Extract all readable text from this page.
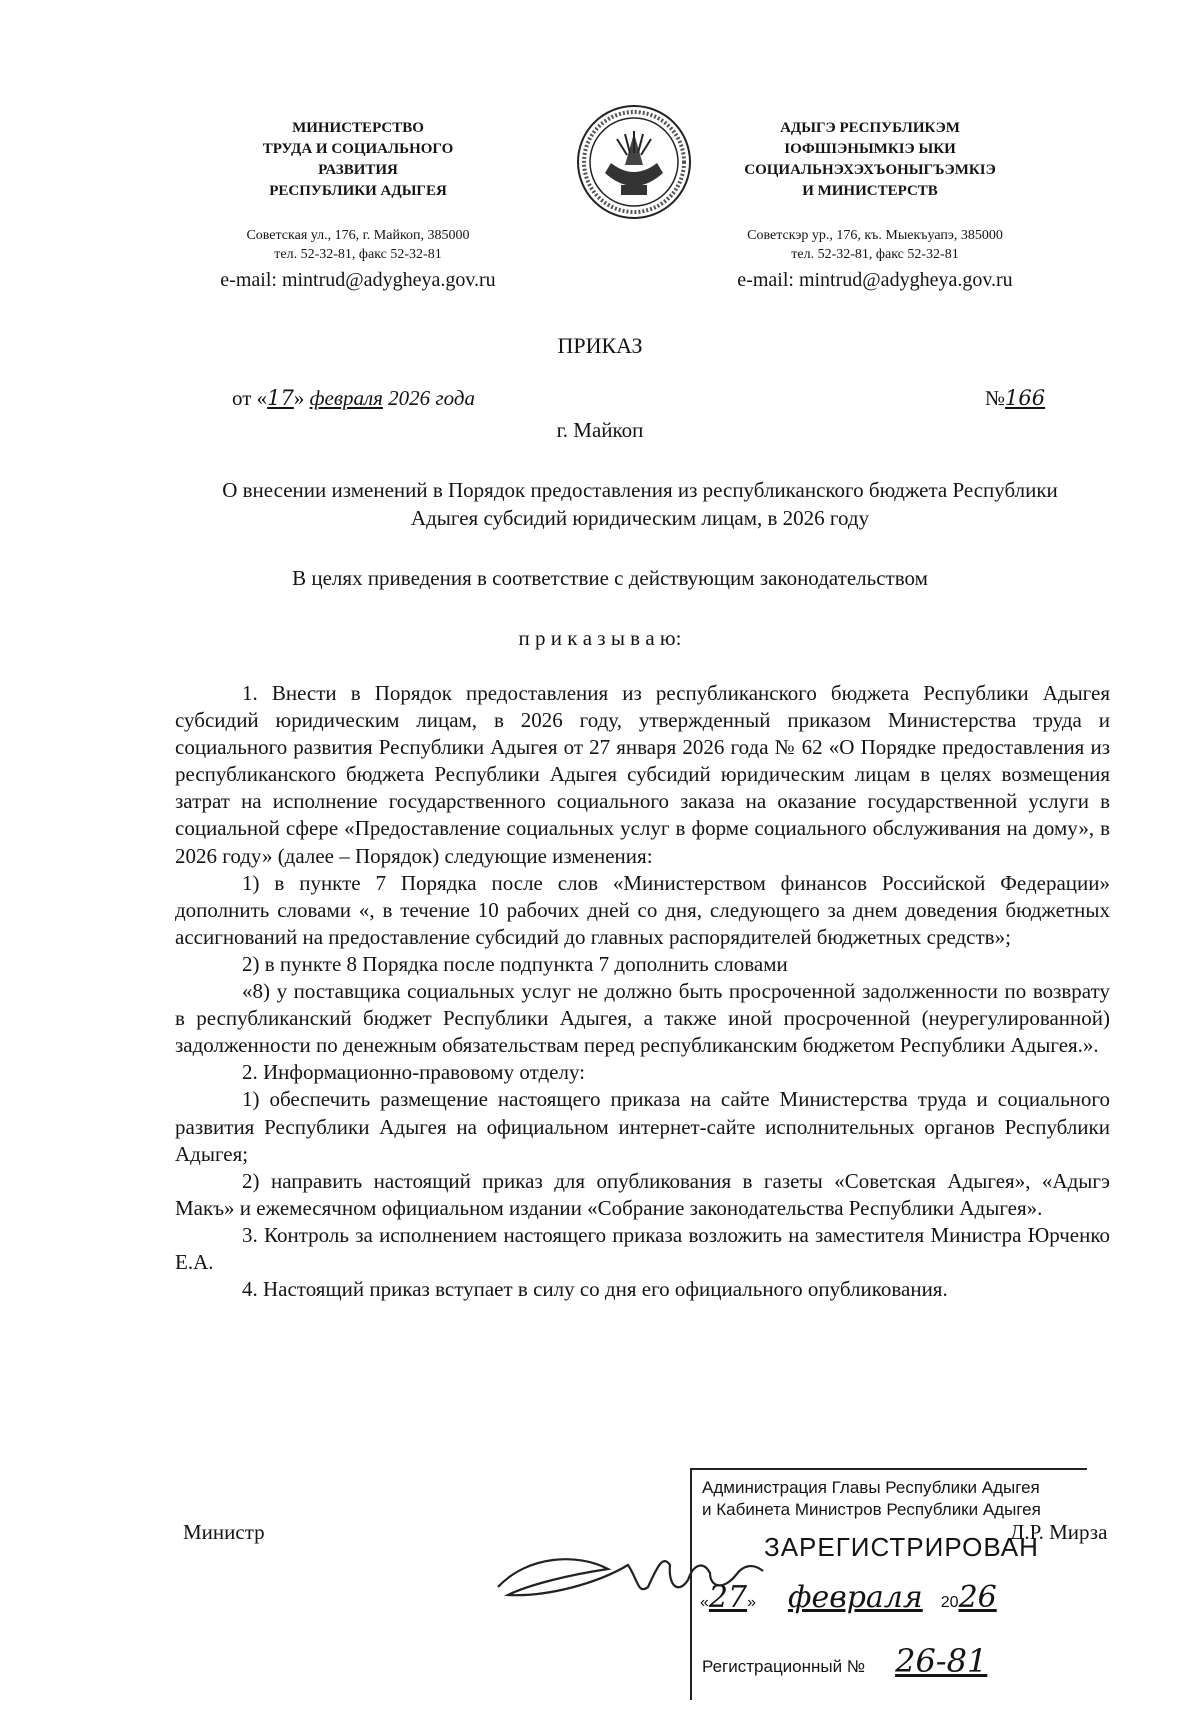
МИНИСТЕРСТВО
ТРУДА И СОЦИАЛЬНОГО
РАЗВИТИЯ
РЕСПУБЛИКИ АДЫГЕЯ
Советская ул., 176, г. Майкоп, 385000
тел. 52-32-81, факс 52-32-81
e-mail: mintrud@adygheya.gov.ru
АДЫГЭ РЕСПУБЛИКЭМ
ІОФШІЭНЫМКІЭ ЫКИ
СОЦИАЛЬНЭХЭХЪОНЫГЪЭМКІЭ
И МИНИСТЕРСТВ
Советскэр ур., 176, къ. Мыекъуапэ, 385000
тел. 52-32-81, факс 52-32-81
e-mail: mintrud@adygheya.gov.ru
ПРИКАЗ
от «17» февраля 2026 года	№166
г. Майкоп
О внесении изменений в Порядок предоставления из республиканского бюджета Республики Адыгея субсидий юридическим лицам, в 2026 году
В целях приведения в соответствие с действующим законодательством
п р и к а з ы в а ю:
1. Внести в Порядок предоставления из республиканского бюджета Республики Адыгея субсидий юридическим лицам, в 2026 году, утвержденный приказом Министерства труда и социального развития Республики Адыгея от 27 января 2026 года № 62 «О Порядке предоставления из республиканского бюджета Республики Адыгея субсидий юридическим лицам в целях возмещения затрат на исполнение государственного социального заказа на оказание государственной услуги в социальной сфере «Предоставление социальных услуг в форме социального обслуживания на дому», в 2026 году» (далее – Порядок) следующие изменения:
1) в пункте 7 Порядка после слов «Министерством финансов Российской Федерации» дополнить словами «, в течение 10 рабочих дней со дня, следующего за днем доведения бюджетных ассигнований на предоставление субсидий до главных распорядителей бюджетных средств»;
2) в пункте 8 Порядка после подпункта 7 дополнить словами
«8) у поставщика социальных услуг не должно быть просроченной задолженности по возврату в республиканский бюджет Республики Адыгея, а также иной просроченной (неурегулированной) задолженности по денежным обязательствам перед республиканским бюджетом Республики Адыгея.».
2. Информационно-правовому отделу:
1) обеспечить размещение настоящего приказа на сайте Министерства труда и социального развития Республики Адыгея на официальном интернет-сайте исполнительных органов Республики Адыгея;
2) направить настоящий приказ для опубликования в газеты «Советская Адыгея», «Адыгэ Макъ» и ежемесячном официальном издании «Собрание законодательства Республики Адыгея».
3. Контроль за исполнением настоящего приказа возложить на заместителя Министра Юрченко Е.А.
4. Настоящий приказ вступает в силу со дня его официального опубликования.
Министр	Д.Р. Мирза
Администрация Главы Республики Адыгея
и Кабинета Министров Республики Адыгея
ЗАРЕГИСТРИРОВАН
«27» февраля 2026
Регистрационный № 26-81
